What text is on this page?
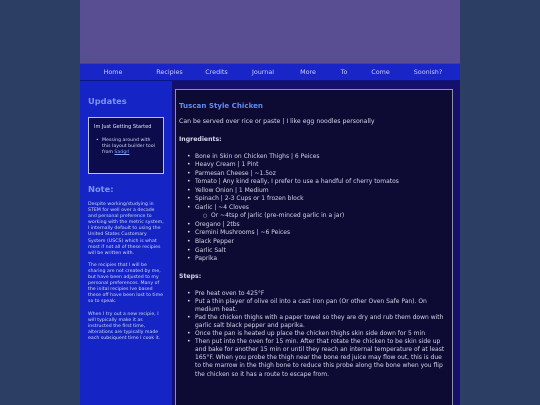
Home	Recipies	Credits	Journal	More	To	Come	Soonish?
Updates
Im Just Getting Started
• Messing around with this layout builder tool from Sadgrl
Note:

Despite working/studying in STEM for well over a decade and personal preference to working with the metric system, I internally default to using the United States Customary System (USCS) which is what most if not all of these recipies will be written with.

The recipies that I will be sharing are not created by me, but have been adjusted to my personal preferences. Many of the inital recipies Ive based these off have been lost to time so to speak.

When I try out a new recipie, I will typically make it as instructed the first time, alterations are typically made each subsiquent time I cook it.

Tuscan Style Chicken

Can be served over rice or paste | I like egg noodles personally

Ingredients:
• Bone in Skin on Chicken Thighs | 6 Peices
• Heavy Cream | 1 Pint
• Parmesan Cheese | ~1.5oz
• Tomato | Any kind really, I prefer to use a handful of cherry tomatos
• Yellow Onion | 1 Medium
• Spinach | 2-3 Cups or 1 frozen block
• Garlic | ~4 Cloves
○ Or ~4tsp of Jarlic (pre-minced garlic in a jar)
• Oregano | 2tbs
• Cremini Mushrooms | ~6 Peices
• Black Pepper
• Garlic Salt
• Paprika
Steps:
• Pre heat oven to 425°F
• Put a thin player of olive oil into a cast iron pan (Or other Oven Safe Pan). On medium heat.
• Pad the chicken thighs with a paper towel so they are dry and rub them down with garlic salt black pepper and paprika.
• Once the pan is heated up place the chicken thighs skin side down for 5 min
• Then put into the oven for 15 min. After that rotate the chicken to be skin side up and bake for another 15 min or until they reach an internal temperature of at least 165°F. When you probe the thigh near the bone red juice may flow out, this is due to the marrow in the thigh bone to reduce this probe along the bone when you flip the chicken so it has a route to escape from.
